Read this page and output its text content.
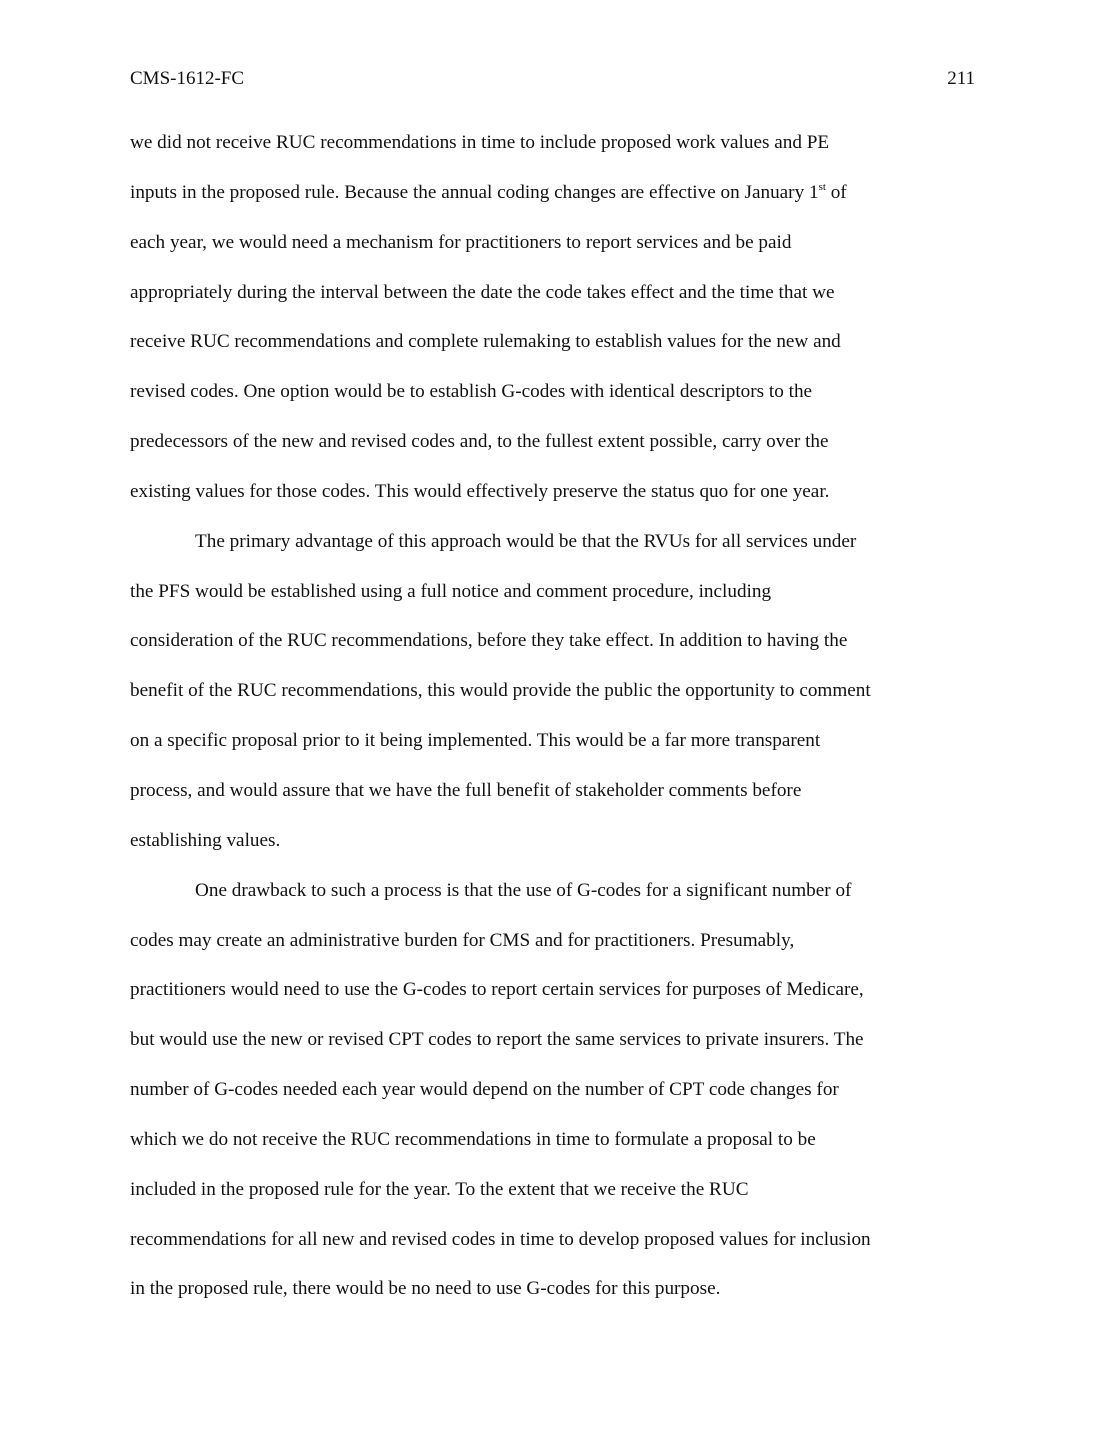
CMS-1612-FC	211

we did not receive RUC recommendations in time to include proposed work values and PE

inputs in the proposed rule. Because the annual coding changes are effective on January 1st of

each year, we would need a mechanism for practitioners to report services and be paid

appropriately during the interval between the date the code takes effect and the time that we

receive RUC recommendations and complete rulemaking to establish values for the new and

revised codes. One option would be to establish G-codes with identical descriptors to the

predecessors of the new and revised codes and, to the fullest extent possible, carry over the

existing values for those codes. This would effectively preserve the status quo for one year.

The primary advantage of this approach would be that the RVUs for all services under

the PFS would be established using a full notice and comment procedure, including

consideration of the RUC recommendations, before they take effect. In addition to having the

benefit of the RUC recommendations, this would provide the public the opportunity to comment

on a specific proposal prior to it being implemented. This would be a far more transparent

process, and would assure that we have the full benefit of stakeholder comments before

establishing values.

One drawback to such a process is that the use of G-codes for a significant number of

codes may create an administrative burden for CMS and for practitioners. Presumably,

practitioners would need to use the G-codes to report certain services for purposes of Medicare,

but would use the new or revised CPT codes to report the same services to private insurers. The

number of G-codes needed each year would depend on the number of CPT code changes for

which we do not receive the RUC recommendations in time to formulate a proposal to be

included in the proposed rule for the year. To the extent that we receive the RUC

recommendations for all new and revised codes in time to develop proposed values for inclusion

in the proposed rule, there would be no need to use G-codes for this purpose.
